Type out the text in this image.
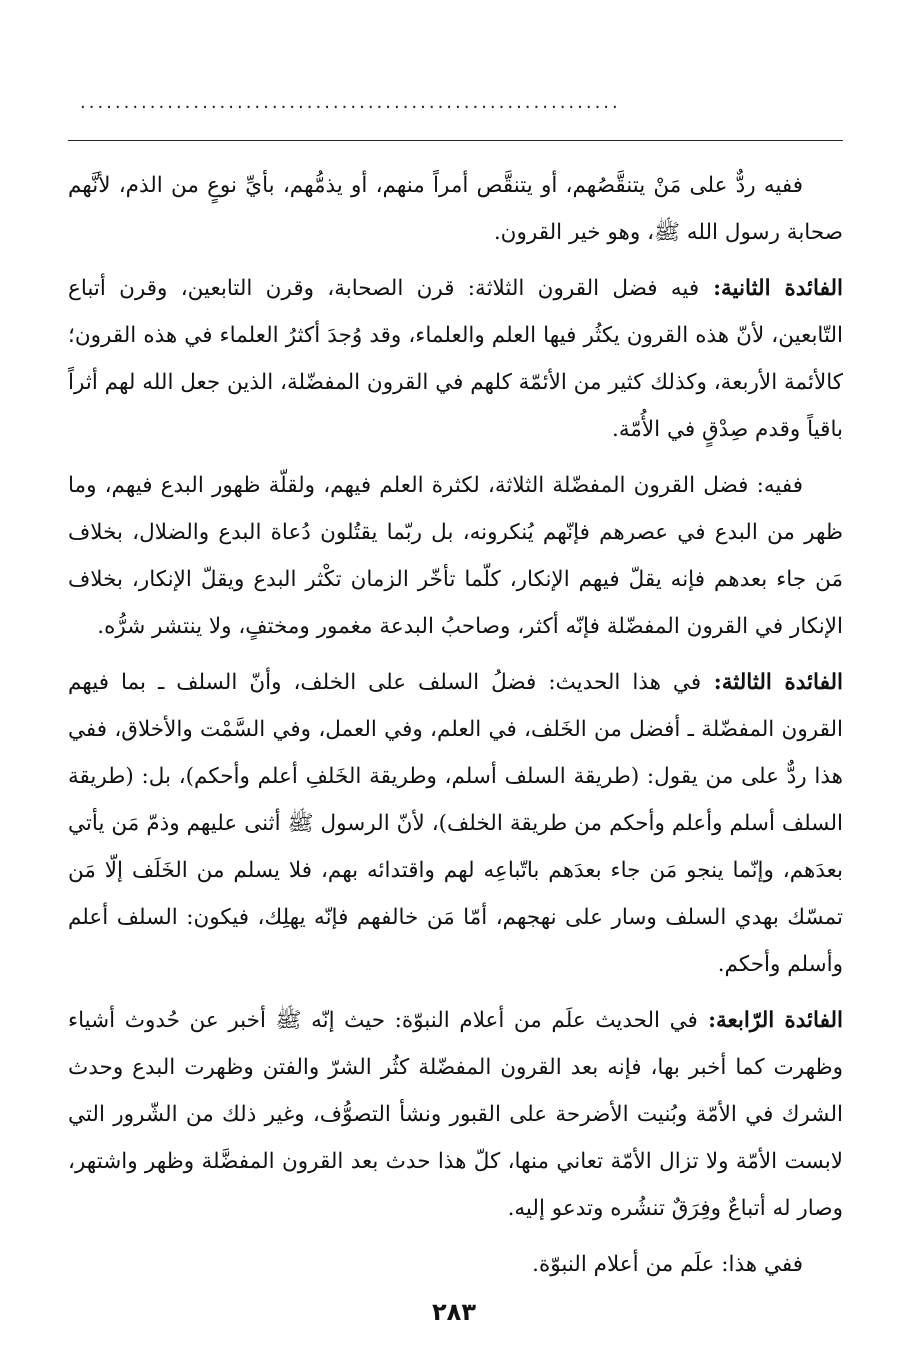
..............................................................

ففيه ردٌّ على مَنْ يتنقَّصُهم، أو يتنقَّص أمراً منهم، أو يذمُّهم، بأيِّ نوعٍ من الذم، لأنَّهم صحابة رسول الله ﷺ، وهو خير القرون.

الفائدة الثانية: فيه فضل القرون الثلاثة: قرن الصحابة، وقرن التابعين، وقرن أتباع التّابعين، لأنّ هذه القرون يكثُر فيها العلم والعلماء، وقد وُجدَ أكثرُ العلماء في هذه القرون؛ كالأئمة الأربعة، وكذلك كثير من الأئمّة كلهم في القرون المفضّلة، الذين جعل الله لهم أثراً باقياً وقدم صِدْقٍ في الأُمّة.

ففيه: فضل القرون المفضّلة الثلاثة، لكثرة العلم فيهم، ولقلّة ظهور البدع فيهم، وما ظهر من البدع في عصرهم فإنّهم يُنكرونه، بل ربّما يقتُلون دُعاة البدع والضلال، بخلاف مَن جاء بعدهم فإنه يقلّ فيهم الإنكار، كلّما تأخّر الزمان تكْثر البدع ويقلّ الإنكار، بخلاف الإنكار في القرون المفضّلة فإنّه أكثر، وصاحبُ البدعة مغمور ومختفٍ، ولا ينتشر شرُّه.

الفائدة الثالثة: في هذا الحديث: فضلُ السلف على الخلف، وأنّ السلف ـ بما فيهم القرون المفضّلة ـ أفضل من الخَلف، في العلم، وفي العمل، وفي السَّمْت والأخلاق، ففي هذا ردٌّ على من يقول: (طريقة السلف أسلم، وطريقة الخَلفِ أعلم وأحكم)، بل: (طريقة السلف أسلم وأعلم وأحكم من طريقة الخلف)، لأنّ الرسول ﷺ أثنى عليهم وذمّ مَن يأتي بعدَهم، وإنّما ينجو مَن جاء بعدَهم باتّباعِه لهم واقتدائه بهم، فلا يسلم من الخَلَف إلّا مَن تمسّك بهدي السلف وسار على نهجهم، أمّا مَن خالفهم فإنّه يهلِك، فيكون: السلف أعلم وأسلم وأحكم.

الفائدة الرّابعة: في الحديث علَم من أعلام النبوّة: حيث إنّه ﷺ أخبر عن حُدوث أشياء وظهرت كما أخبر بها، فإنه بعد القرون المفضّلة كثُر الشرّ والفتن وظهرت البدع وحدث الشرك في الأمّة وبُنيت الأضرحة على القبور ونشأ التصوُّف، وغير ذلك من الشّرور التي لابست الأمّة ولا تزال الأمّة تعاني منها، كلّ هذا حدث بعد القرون المفضَّلة وظهر واشتهر، وصار له أتباعٌ وفِرَقٌ تنشُره وتدعو إليه.

ففي هذا: علَم من أعلام النبوّة.

٢٨٣
